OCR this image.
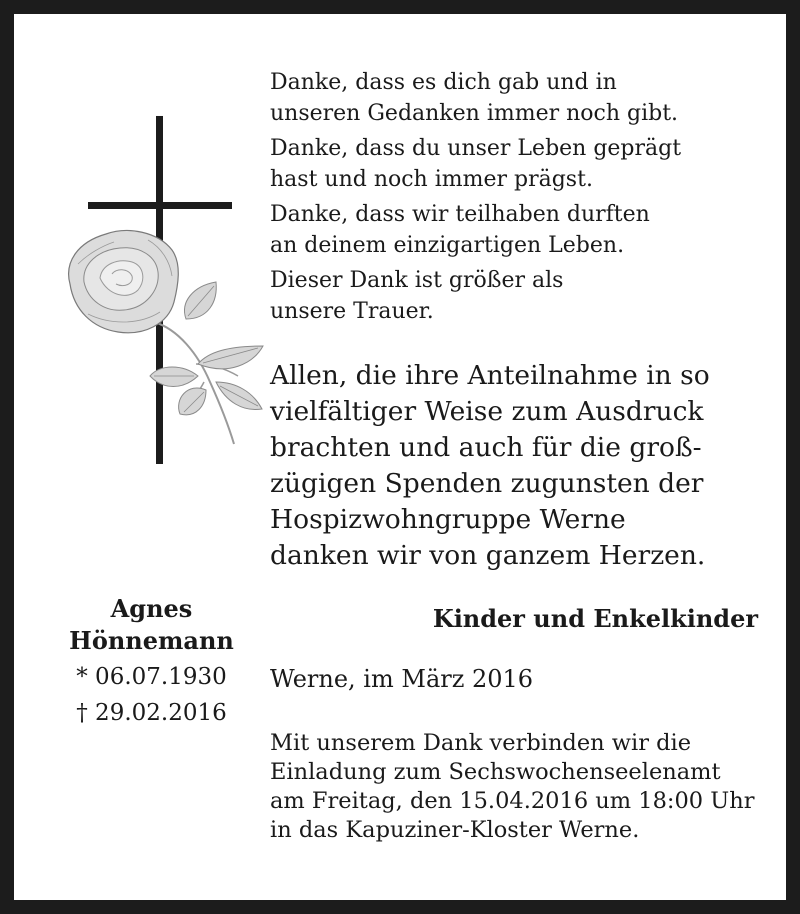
Danke, dass es dich gab und in
unseren Gedanken immer noch gibt.

Danke, dass du unser Leben geprägt
hast und noch immer prägst.

Danke, dass wir teilhaben durften
an deinem einzigartigen Leben.

Dieser Dank ist größer als
unsere Trauer.

Allen, die ihre Anteilnahme in so
vielfältiger Weise zum Ausdruck
brachten und auch für die groß-
zügigen Spenden zugunsten der
Hospizwohngruppe Werne
danken wir von ganzem Herzen.
Agnes
Hönnemann
* 06.07.1930
† 29.02.2016
Kinder und Enkelkinder
Werne, im März 2016
Mit unserem Dank verbinden wir die
Einladung zum Sechswochenseelenamt
am Freitag, den 15.04.2016 um 18:00 Uhr
in das Kapuziner-Kloster Werne.
